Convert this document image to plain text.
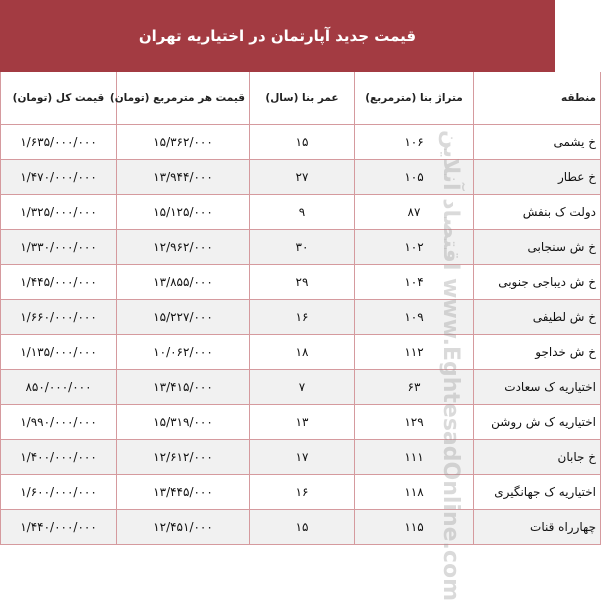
قیمت جدید آپارتمان در اختیاریه تهران
منطقه	متراژ بنا (مترمربع)	عمر بنا (سال)	قیمت هر مترمربع (تومان)	قیمت کل (تومان)
خ یشمی	۱۰۶	۱۵	۱۵/۳۶۲/۰۰۰	۱/۶۳۵/۰۰۰/۰۰۰
خ عطار	۱۰۵	۲۷	۱۳/۹۴۴/۰۰۰	۱/۴۷۰/۰۰۰/۰۰۰
دولت ک بنفش	۸۷	۹	۱۵/۱۲۵/۰۰۰	۱/۳۲۵/۰۰۰/۰۰۰
خ ش سنجابی	۱۰۲	۳۰	۱۲/۹۶۲/۰۰۰	۱/۳۳۰/۰۰۰/۰۰۰
خ ش دیباجی جنوبی	۱۰۴	۲۹	۱۳/۸۵۵/۰۰۰	۱/۴۴۵/۰۰۰/۰۰۰
خ ش لطیفی	۱۰۹	۱۶	۱۵/۲۲۷/۰۰۰	۱/۶۶۰/۰۰۰/۰۰۰
خ ش خداجو	۱۱۲	۱۸	۱۰/۰۶۲/۰۰۰	۱/۱۳۵/۰۰۰/۰۰۰
اختیاریه ک سعادت	۶۳	۷	۱۳/۴۱۵/۰۰۰	۸۵۰/۰۰۰/۰۰۰
اختیاریه ک ش روشن	۱۲۹	۱۳	۱۵/۳۱۹/۰۰۰	۱/۹۹۰/۰۰۰/۰۰۰
خ جابان	۱۱۱	۱۷	۱۲/۶۱۲/۰۰۰	۱/۴۰۰/۰۰۰/۰۰۰
اختیاریه ک جهانگیری	۱۱۸	۱۶	۱۳/۴۴۵/۰۰۰	۱/۶۰۰/۰۰۰/۰۰۰
چهارراه قنات	۱۱۵	۱۵	۱۲/۴۵۱/۰۰۰	۱/۴۴۰/۰۰۰/۰۰۰
اقتصاد آنلاین www.EghtesadOnline.com
